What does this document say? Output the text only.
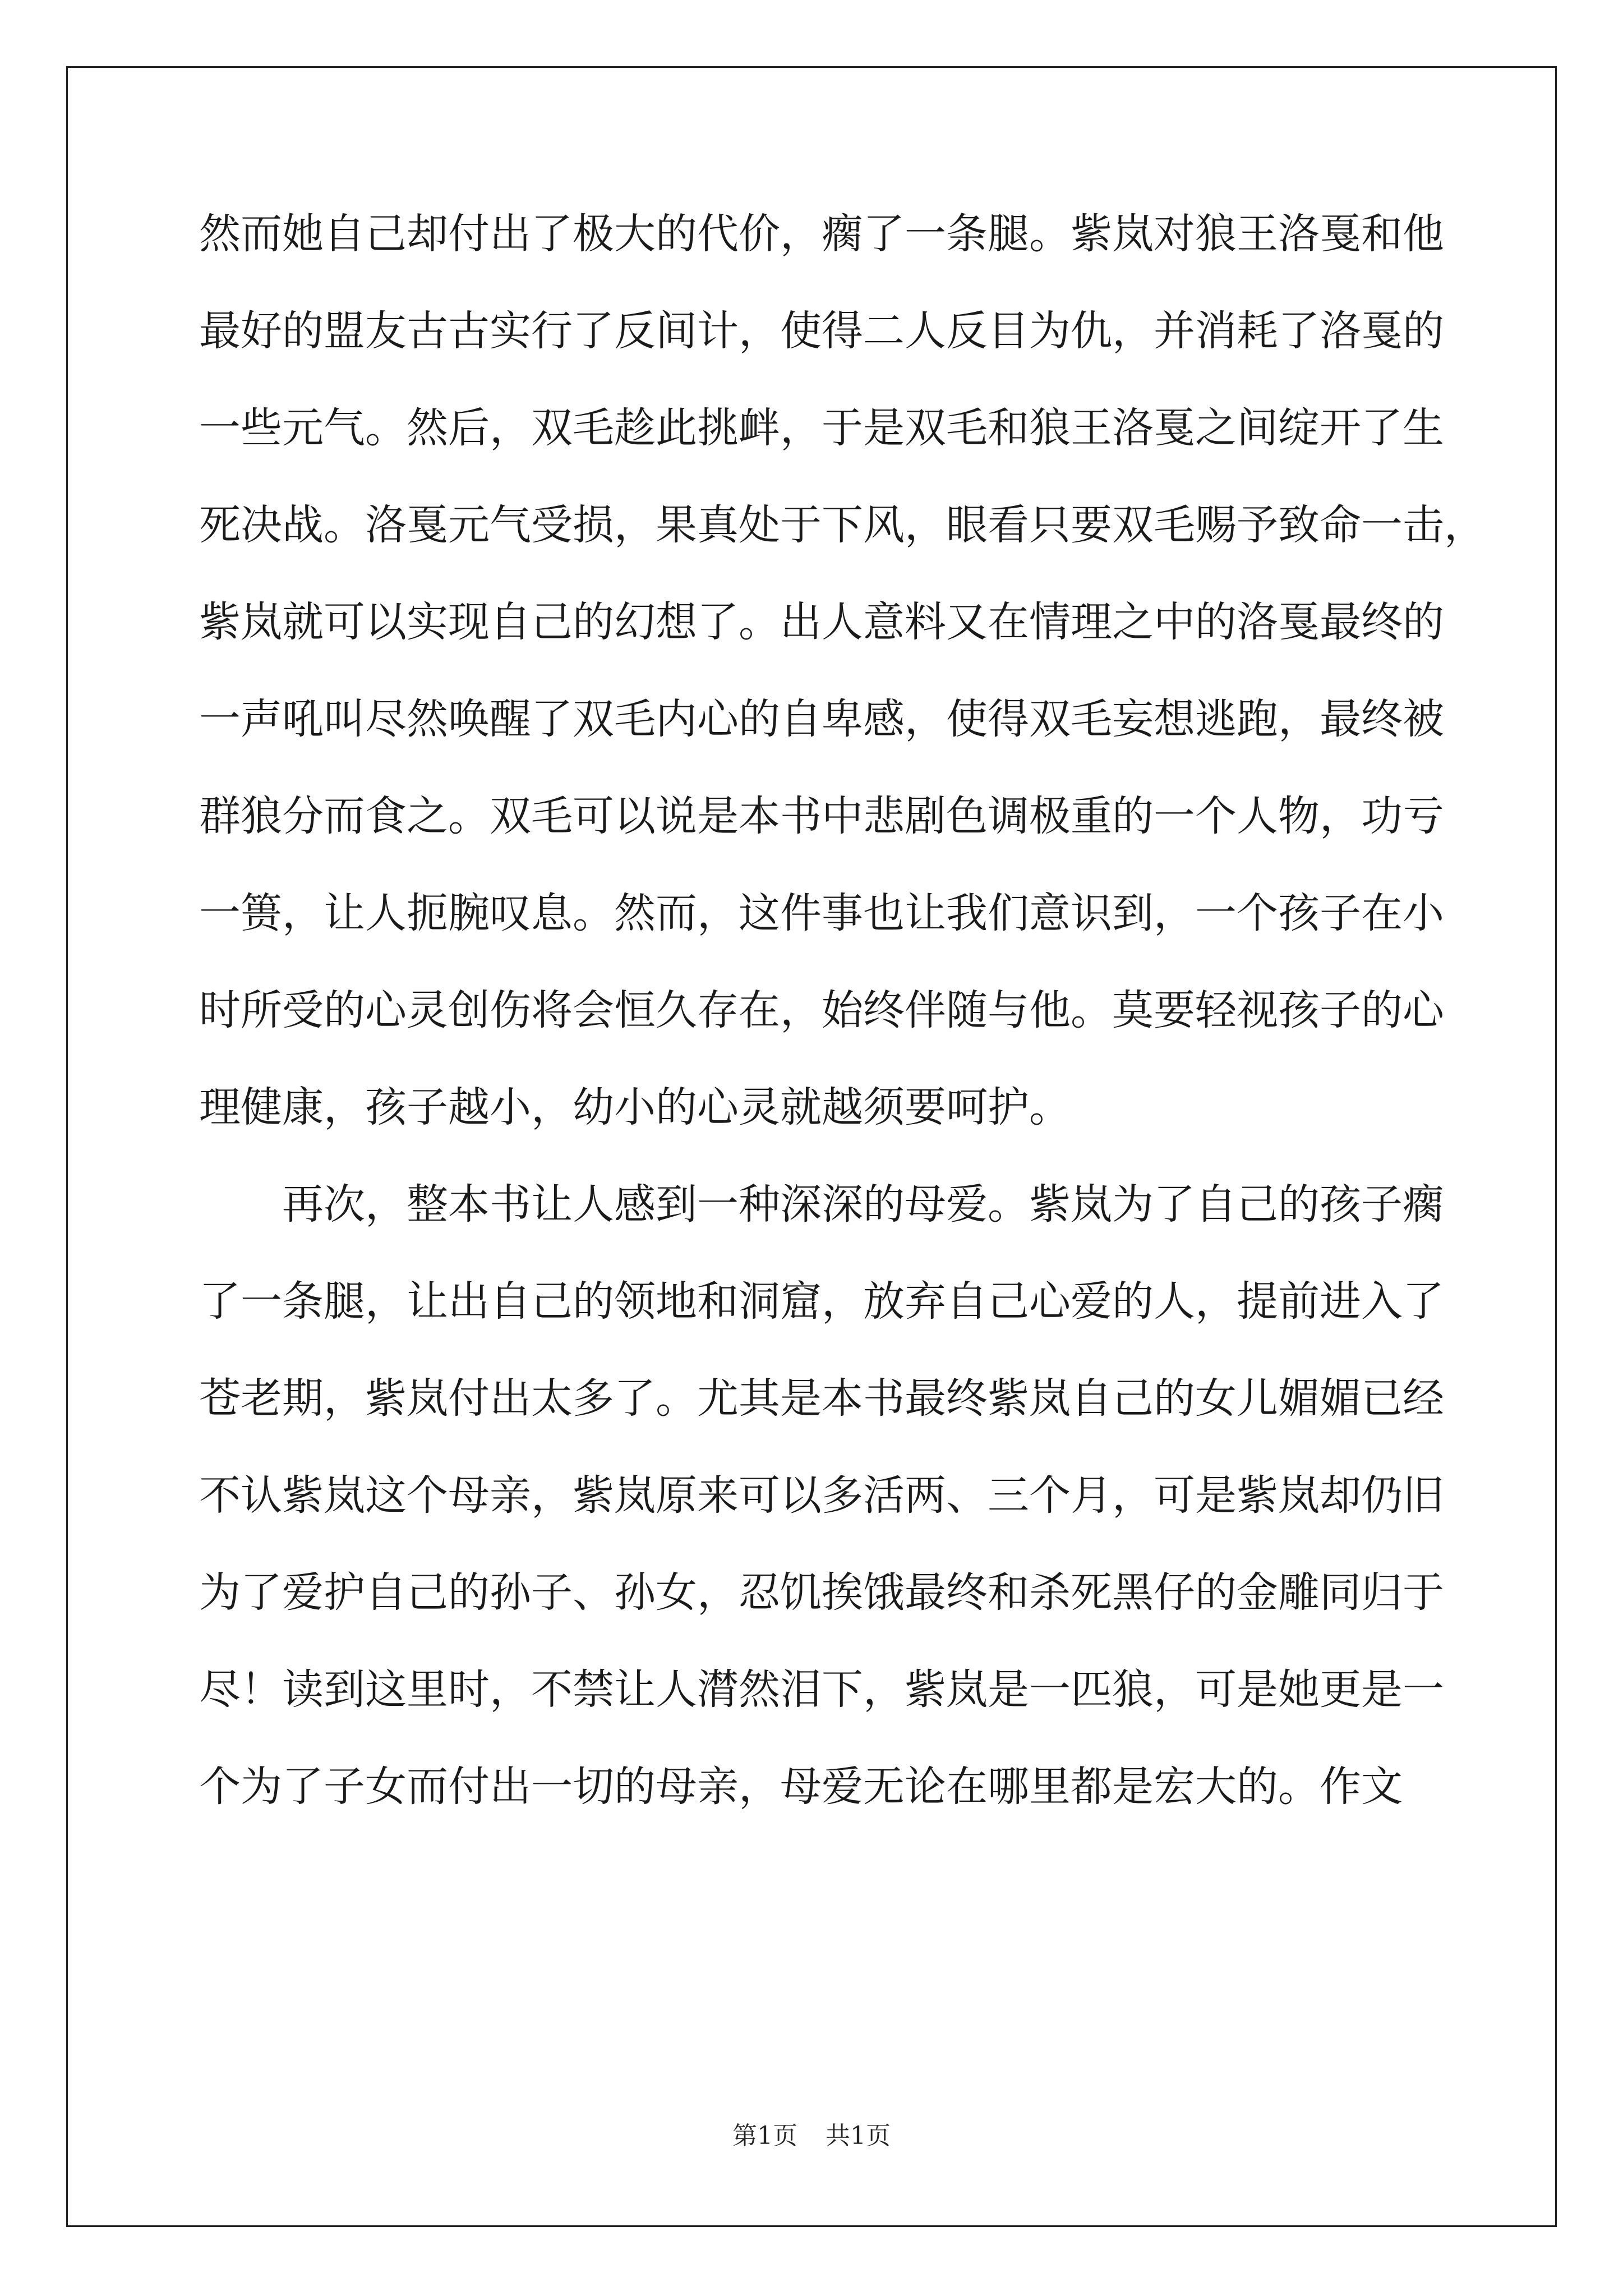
然而她自己却付出了极大的代价，瘸了一条腿。紫岚对狼王洛戛和他
最好的盟友古古实行了反间计，使得二人反目为仇，并消耗了洛戛的
一些元气。然后，双毛趁此挑衅，于是双毛和狼王洛戛之间绽开了生
死决战。洛戛元气受损，果真处于下风，眼看只要双毛赐予致命一击，
紫岚就可以实现自己的幻想了。出人意料又在情理之中的洛戛最终的
一声吼叫尽然唤醒了双毛内心的自卑感，使得双毛妄想逃跑，最终被
群狼分而食之。双毛可以说是本书中悲剧色调极重的一个人物，功亏
一篑，让人扼腕叹息。然而，这件事也让我们意识到，一个孩子在小
时所受的心灵创伤将会恒久存在，始终伴随与他。莫要轻视孩子的心
理健康，孩子越小，幼小的心灵就越须要呵护。
再次，整本书让人感到一种深深的母爱。紫岚为了自己的孩子瘸
了一条腿，让出自己的领地和洞窟，放弃自己心爱的人，提前进入了
苍老期，紫岚付出太多了。尤其是本书最终紫岚自己的女儿媚媚已经
不认紫岚这个母亲，紫岚原来可以多活两、三个月，可是紫岚却仍旧
为了爱护自己的孙子、孙女，忍饥挨饿最终和杀死黑仔的金雕同归于
尽！读到这里时，不禁让人潸然泪下，紫岚是一匹狼，可是她更是一
个为了子女而付出一切的母亲，母爱无论在哪里都是宏大的。作文
第1页 共1页
